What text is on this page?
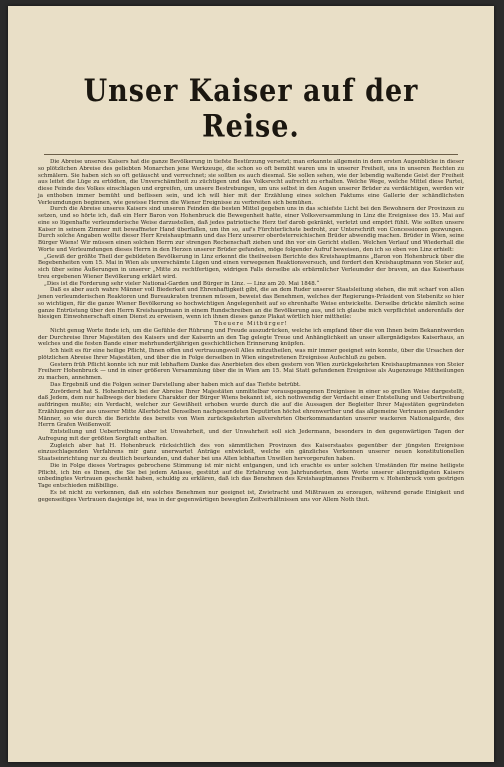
Unser Kaiser auf der Reise.

Die Abreise unseres Kaisers hat die ganze Bevölkerung in tiefste Bestürzung versetzt; man erkannte allgemein in dem ersten Augenblicke in dieser so plötzlichen Abreise des geliebten Monarchen jene Werkzeuge, die schon so oft bemüht waren uns in unserer Freiheit, uns in unseren Rechten zu schmälern. Sie haben sich so oft getäuscht und verrechnet; sie sollten es auch diesmal. Sie sollen sehen, wie der lebendig waltende Geist der Freiheit aus leitet die Lüge zu ertödten, die Unverschämtheit zu züchtigen und das Volksrecht aufrecht zu erhalten. Welche Wege, welche Mittel diese Partei, diese Feinde des Volkes einschlagen und ergreifen, um unsere Bestrebungen, um uns selbst in den Augen unserer Brüder zu verdächtigen, werden wir ja enthoben immer bemüht und beflissen sein, und ich will hier mit der Erzählung eines solchen Faktums eine Gallerie der schändlichsten Verleumdungen beginnen, wie gewisse Herren die Wiener Ereignisse zu verbreiten sich bemühen.

Durch die Abreise unseres Kaisers sind unseren Feinden die besten Mittel gegeben uns in das schiefste Licht bei den Bewohnern der Provinzen zu setzen, und so hörte ich, daß ein Herr Baron von Hohenbruck die Bewegenheit hatte, einer Volksversammlung in Linz die Ereignisse des 15. Mai auf eine so lügenhafte verleumderische Weise darzustellen, daß jedes patriotische Herz tief darob gekränkt, verletzt und empört fühlt. Wie sollten unsere Kaiser in seinem Zimmer mit bewaffneter Hand überfallen, um ihn so, auf's Fürchterlichste bedroht, zur Unterschrift von Concessionen gezwungen. Durch solche Angaben wollte dieser Herr Kreishauptmann und das Herz unserer oberösterreichischen Brüder abwendig machen. Brüder in Wien, seine Bürger Wiens! Wir müssen einen solchen Herrn zur strengen Rechenschaft ziehen und ihn vor ein Gericht stellen. Welchen Verlauf und Wiederhall die Worte und Verleumdungen dieses Herrn in den Herzen unserer Brüder gefunden, möge folgender Aufruf beweisen, den ich so eben von Linz erhielt:

„Gewiß der größte Theil der gebildeten Bevölkerung in Linz erkennt die theilweisen Berichte des Kreishauptmanns „Baron von Hohenbruck über die Begebenheiten vom 15. Mai in Wien als unverschämte Lügen und einen verwegenen Reaktionsversuch, und fordert den Kreishauptmann von Steier auf, sich über seine Äußerungen in unserer „Mitte zu rechtfertigen, widrigen Falls derselbe als erbärmlicher Verleumder der braven, an das Kaiserhaus treu ergebenen Wiener Bevölkerung erklärt wird.

„Dies ist die Forderung sehr vieler National-Garden und Bürger in Linz. — Linz am 20. Mai 1848.“

Daß es aber auch wahre Männer voll Biederkeit und Ehrenhaftigkeit gibt, die an dem Ruder unserer Staatsleitung stehen, die mit scharf von allen jenen verleumderischen Reaktoren und Bureaukraten trennen müssen, beweist das Benehmen, welches der Regierungs-Präsident von Stebenitz so hier so wichtigen, für die ganze Wiener Bevölkerung so hochwichtigen Angelegenheit auf so ehrenhafte Weise entwickelte. Derselbe drückte nämlich seine ganze Entrüstung über den Herrn Kreishauptmann in einem Rundschreiben an die Bevölkerung aus, und ich glaube mich verpflichtet anderenfalls der hiesigen Einwohnerschaft einen Dienst zu erweisen, wenn ich ihnen dieses ganze Plakat wörtlich hier mittheile:

Theuere Mitbürger!

Nicht genug Worte finde ich, um die Gefühle der Rührung und Freude auszudrücken, welche ich empfand über die von Ihnen beim Bekanntwerden der Durchreise Ihrer Majestäten des Kaisers und der Kaiserin an den Tag gelegte Treue und Anhänglichkeit an unser allergnädigstes Kaiserhaus, an welches und die festen Bande einer mehrhundertjährigen geschichtlichen Erinnerung knüpfen.

Ich hielt es für eine heilige Pflicht, Ihnen offen und vertrauungsvoll Alles mitzutheilen, was mir immer geeignet sein konnte, über die Ursachen der plötzlichen Abreise Ihrer Majestäten, und über die in Folge derselben in Wien eingetretenen Ereignisse Aufschluß zu geben.

Gestern früh Pflicht konnte ich nur mit lebhaftem Danke das Anerbieten des eben gestern von Wien zurückgekehrten Kreishauptmannes von Steier Freiherr Hohenbruck — und in einer größeren Versammlung über die in Wien am 15. Mai Statt gefundenen Ereignisse als Augenzeuge Mittheilungen zu machen, annehmen.

Das Ergebniß und die Folgen seiner Darstellung aber haben mich auf das Tiefste betrübt.

Zuvörderst hat S. Hohenbruck bei der Abreise Ihrer Majestäten unmittelbar vorausgegangenen Ereignisse in einer so grellen Weise dargestellt, daß Jedem, dem nur halbwegs der biedere Charakter der Bürger Wiens bekannt ist, sich nothwendig der Verdacht einer Entstellung und Uebertreibung aufdringen mußte; ein Verdacht, welcher zur Gewißheit erhoben wurde durch die auf die Aussagen der Begleiter Ihrer Majestäten gegründeten Erzählungen der aus unserer Mitte Allerhöchst Denselben nachgesendeten Deputirten höchst ehrenwerther und das allgemeine Vertrauen genießender Männer, so wie durch die Berichte des bereits von Wien zurückgekehrten allverehrten Oberkommandanten unserer wackeren Nationalgarde, des Herrn Grafen Weißenwolf.

Entstellung und Uebertreibung aber ist Unwahrheit, und der Unwahrheit soll sich Jedermann, besonders in den gegenwärtigen Tagen der Aufregung mit der größten Sorgfalt enthalten.

Zugleich aber hat H. Hohenbruck rücksichtlich des von sämmtlichen Provinzen des Kaiserstaates gegenüber der jüngsten Ereignisse einzuschlagenden Verfahrens mir ganz unerwartet Anträge entwickelt, welche ein gänzliches Verkennen unserer neuen konstitutionellen Staatseinrichtung nur zu deutlich beurkunden, und daher bei uns Allen lebhaften Unwillen hervorgerufen haben.

Die in Folge dieses Vortrages gebrochene Stimmung ist mir nicht entgangen, und ich erachte es unter solchen Umständen für meine heiligste Pflicht, ich bin es Ihnen, die Sie bei jedem Anlasse, gestützt auf die Erfahrung von Jahrhunderten, dem Worte unserer allergnädigsten Kaisers unbedingtes Vertrauen geschenkt haben, schuldig zu erklären, daß ich das Benehmen des Kreishauptmannes Freiherrn v. Hohenbruck vom gestrigen Tage entschieden mißbillige.

Es ist nicht zu verkennen, daß ein solches Benehmen nur geeignet ist, Zwietracht und Mißtrauen zu erzeugen, während gerade Einigkeit und gegenseitiges Vertrauen dasjenige ist, was in der gegenwärtigen bewegten Zeitverhältnissen uns vor Allem Noth thut.
